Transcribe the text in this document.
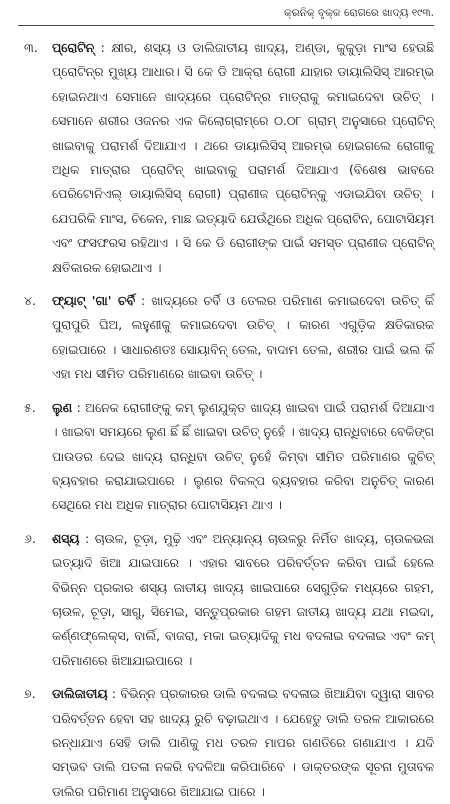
କ୍ରନିକ୍ ବୃକ୍କ ରୋଗରେ ଖାଦ୍ୟ ୧୯୩.
୩.	ପ୍ରୋଟିନ୍ : କ୍ଷୀର, ଶସ୍ୟ ଓ ଡାଲିଜାତୀୟ ଖାଦ୍ୟ, ଅଣ୍ଡା, କୁକୁଡ଼ା ମାଂସ ହେଉଛି ପ୍ରୋଟିନ୍‌ର ମୁଖ୍ୟ ଆଧାର। ସି କେ ଡି ଆକ୍ରା ରୋଗୀ ଯାହାର ଡାୟାଲିସିସ୍ ଆରମ୍ଭ ହୋଇନଥାଏ ସେମାନେ ଖାଦ୍ୟରେ ପ୍ରୋଟିନ୍‌ର ମାତ୍ରାକୁ କମାଇଦେବା ଉଚିତ୍ । ସେମାନେ ଶରୀର ଓଜନର ଏକ କିଲୋଗ୍ରାମ୍‌ରେ ୦.୦୮ ଗ୍ରାମ୍ ଅନୁସାରେ ପ୍ରୋଟିନ୍ ଖାଇବାକୁ ପରାମର୍ଶ ଦିଆଯାଏ । ଥରେ ଡାୟାଲିସିସ୍ ଆରମ୍ଭ ହୋଇଗଲେ ରୋଗୀକୁ ଅଧିକ ମାତ୍ରାର ପ୍ରୋଟିନ୍ ଖାଇବାକୁ ପରାମର୍ଶ ଦିଆଯାଏ (ବିଶେଷ ଭାବରେ ପେରିଟୋନିଏଲ୍ ଡାୟାଲିସିସ୍ ରୋଗୀ) ପ୍ରାଣୀଜ ପ୍ରୋଟିନ୍‌କୁ ଏଡାଇଯିବା ଉଚିତ୍ । ଯେପରିକି ମାଂସ, ଚିକେନ, ମାଛ ଇତ୍ୟାଦି ଯେଉଁଥିରେ ଅଧିକ ପ୍ରୋଟିନ, ପୋଟାସିୟମ ଏବଂ ଫସଫରସ ରହିଥାଏ । ସି କେ ଡି ରୋଗୀଙ୍କ ପାଇଁ ସମସ୍ତ ପ୍ରାଣୀଜ ପ୍ରୋଟିନ୍ କ୍ଷତିକାରକ ହୋଇଥାଏ ।
୪.	ଫ୍ୟାଟ୍ 'ଗା' ଚର୍ବି : ଖାଦ୍ୟରେ ଚର୍ବି ଓ ତେଲର ପରିମାଣ କମାଇଦେବା ଉଚିତ୍ କିଁ ପୁରାପୁରି ଘିଅ, ଲହୁଣୀକୁ କମାଇଦେବା ଉଚିତ୍ । କାରଣ ଏଗୁଡ଼ିକ କ୍ଷତିକାରକ ହୋଇପାରେ । ସାଧାରଣତଃ ସୋୟାବିନ୍ ତେଲ, ବାଦାମ ତେଲ, ଶରୀର ପାଇଁ ଭଲ କିଁ ଏହା ମଧ ସୀମିତ ପରିମାଣରେ ଖାଇବା ଉଚିତ୍ ।
୫.	ଲୁଣ : ଅନେକ ରୋଗୀଙ୍କୁ କମ୍ ଲୁଣଯୁକ୍ତ ଖାଦ୍ୟ ଖାଇବା ପାଇଁ ପରାମର୍ଶ ଦିଆଯାଏ । ଖାଇବା ସମୟରେ ଲୁଣ ଛିଁ ଛିଁ ଖାଇବା ଉଚିତ୍ ନୁହେଁ । ଖାଦ୍ୟ ରାନ୍ଧିବାରେ ବେକିଙ୍ଗ ପାଉଡର ଦେଇ ଖାଦ୍ୟ ରାନ୍ଧିବା ଉଚିତ୍ ନୁହେଁ କିମ୍ବା ସୀମିତ ପରିମାଣର କୁଚିତ୍ ବ୍ୟବହାର କରାଯାଇପାରେ । ଲୁଣର ବିକଳ୍ପ ବ୍ୟବହାର କରିବା ଅନୁଚିତ୍ କାରଣ ସେଥିରେ ମଧ ଅଧିକ ମାତ୍ରାର ପୋଟାସିୟମ ଥାଏ ।
୬.	ଶସ୍ୟ : ଚାଉଳ, ଚୂଡ଼ା, ମୁଢ଼ି ଏବଂ ଅନ୍ୟାନ୍ୟ ଚାଉଳରୁ ନିର୍ମିତ ଖାଦ୍ୟ, ଚାଉଳଭଜା ଇତ୍ୟାଦି ଖିଆ ଯାଇପାରେ । ଏହାର ସାବରେ ପରିବର୍ତ୍ତନ କରିବା ପାଇଁ ହେଲେ ବିଭିନ୍ନ ପ୍ରକାର ଶସ୍ୟ ଜାତୀୟ ଖାଦ୍ୟ ଖାଇପାରେ ସେଗୁଡ଼ିକ ମଧ୍ୟରେ ଗହମ, ଚାଉଳ, ଚୂଡ଼ା, ସାଗୁ, ସିମେଇ, ସନ୍ତୁପ୍ରକାର ଗହମ ଜାତୀୟ ଖାଦ୍ୟ ଯଥା ମଇଦା, କର୍ଣ୍ଣଫ୍ଲେକ୍ସ, ବାର୍ଲି, ବାଜରା, ମକା ଇତ୍ୟାଦିକୁ ମଧ ବଦଳାଇ ବଦଳାଇ ଏବଂ କମ୍ ପରିମାଣରେ ଖିଆଯାଇପାରେ ।
୭.	ଡାଲିଜାତୀୟ : ବିଭିନ୍ନ ପ୍ରକାରର ଡାଲି ବଦଳାଇ ବଦଳାଇ ଖିଆଯିବା ଦ୍ୱାରା ସାବର ପରିବର୍ତ୍ତନ ହେବା ସହ ଖାଦ୍ୟ ରୁଚି ବଢ଼ାଇଥାଏ । ଯେହେତୁ ଡାଲି ତରଳ ଆକାରରେ ରନ୍ଧାଯାଏ ସେହି ଡାଲି ପାଣିକୁ ମଧ ତରଳ ମାପର ଗଣତିରେ ଗଣାଯାଏ । ଯଦି ସମ୍ଭବ ଡାଲି ପତଳା ନକରି ବଦଳିଆ କରିପାରିବେ । ଡାକ୍ତରଙ୍କ ସୂଚନା ମୁତାବକ ଡାଲିର ପରିମାଣ ଅନୁସାରେ ଖିଆଯାଇ ପାରେ ।
